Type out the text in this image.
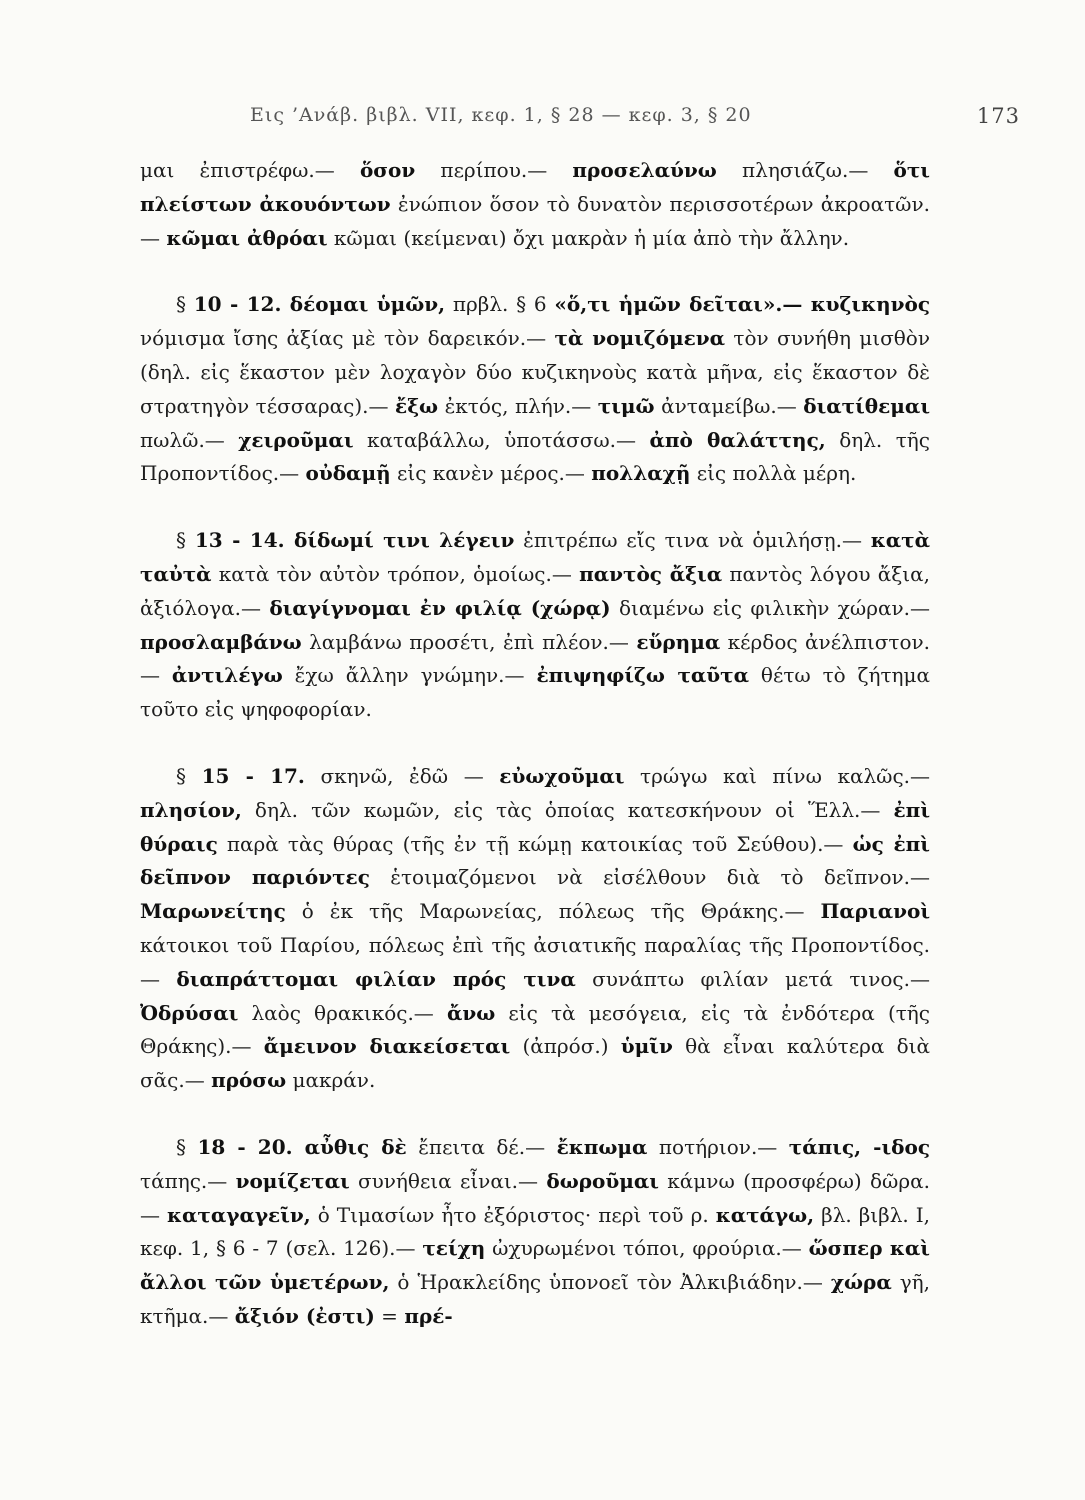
Εις ’Ανάβ. βιβλ. VII, κεφ. 1, § 28 — κεφ. 3, § 20	173

μαι ἐπιστρέφω.— ὅσον περίπου.— προσελαύνω πλησιάζω.— ὅτι πλείστων ἀκουόντων ἐνώπιον ὅσον τὸ δυνατὸν περισσοτέρων ἀκροατῶν.— κῶμαι ἀθρόαι κῶμαι (κείμεναι) ὄχι μακρὰν ἡ μία ἀπὸ τὴν ἄλλην.

§ 10 - 12. δέομαι ὑμῶν, πρβλ. § 6 «ὅ,τι ἡμῶν δεῖται».— κυζικηνὸς νόμισμα ἴσης ἀξίας μὲ τὸν δαρεικόν.— τὰ νομιζόμενα τὸν συνήθη μισθὸν (δηλ. εἰς ἕκαστον μὲν λοχαγὸν δύο κυζικηνοὺς κατὰ μῆνα, εἰς ἕκαστον δὲ στρατηγὸν τέσσαρας).— ἔξω ἐκτός, πλήν.— τιμῶ ἀνταμείβω.— διατίθεμαι πωλῶ.— χειροῦμαι καταβάλλω, ὑποτάσσω.— ἀπὸ θαλάττης, δηλ. τῆς Προποντίδος.— οὐδαμῇ εἰς κανὲν μέρος.— πολλαχῇ εἰς πολλὰ μέρη.

§ 13 - 14. δίδωμί τινι λέγειν ἐπιτρέπω εἴς τινα νὰ ὁμιλήσῃ.— κατὰ ταὐτὰ κατὰ τὸν αὐτὸν τρόπον, ὁμοίως.— παντὸς ἄξια παντὸς λόγου ἄξια, ἀξιόλογα.— διαγίγνομαι ἐν φιλίᾳ (χώρᾳ) διαμένω εἰς φιλικὴν χώραν.— προσλαμβάνω λαμβάνω προσέτι, ἐπὶ πλέον.— εὕρημα κέρδος ἀνέλπιστον.— ἀντιλέγω ἔχω ἄλλην γνώμην.— ἐπιψηφίζω ταῦτα θέτω τὸ ζήτημα τοῦτο εἰς ψηφοφορίαν.

§ 15 - 17. σκηνῶ, ἐδῶ — εὐωχοῦμαι τρώγω καὶ πίνω καλῶς.— πλησίον, δηλ. τῶν κωμῶν, εἰς τὰς ὁποίας κατεσκήνουν οἱ Ἕλλ.— ἐπὶ θύραις παρὰ τὰς θύρας (τῆς ἐν τῇ κώμῃ κατοικίας τοῦ Σεύθου).— ὡς ἐπὶ δεῖπνον παριόντες ἑτοιμαζόμενοι νὰ εἰσέλθουν διὰ τὸ δεῖπνον.— Μαρωνείτης ὁ ἐκ τῆς Μαρωνείας, πόλεως τῆς Θράκης.— Παριανοὶ κάτοικοι τοῦ Παρίου, πόλεως ἐπὶ τῆς ἀσιατικῆς παραλίας τῆς Προποντίδος.— διαπράττομαι φιλίαν πρός τινα συνάπτω φιλίαν μετά τινος.— Ὀδρύσαι λαὸς θρακικός.— ἄνω εἰς τὰ μεσόγεια, εἰς τὰ ἐνδότερα (τῆς Θράκης).— ἄμεινον διακείσεται (ἀπρόσ.) ὑμῖν θὰ εἶναι καλύτερα διὰ σᾶς.— πρόσω μακράν.

§ 18 - 20. αὖθις δὲ ἔπειτα δέ.— ἔκπωμα ποτήριον.— τάπις, -ιδος τάπης.— νομίζεται συνήθεια εἶναι.— δωροῦμαι κάμνω (προσφέρω) δῶρα.— καταγαγεῖν, ὁ Τιμασίων ἦτο ἐξόριστος· περὶ τοῦ ρ. κατάγω, βλ. βιβλ. I, κεφ. 1, § 6 - 7 (σελ. 126).— τείχη ὠχυρωμένοι τόποι, φρούρια.— ὥσπερ καὶ ἄλλοι τῶν ὑμετέρων, ὁ Ἡρακλείδης ὑπονοεῖ τὸν Ἀλκιβιάδην.— χώρα γῆ, κτῆμα.— ἄξιόν (ἐστι) = πρέ-
